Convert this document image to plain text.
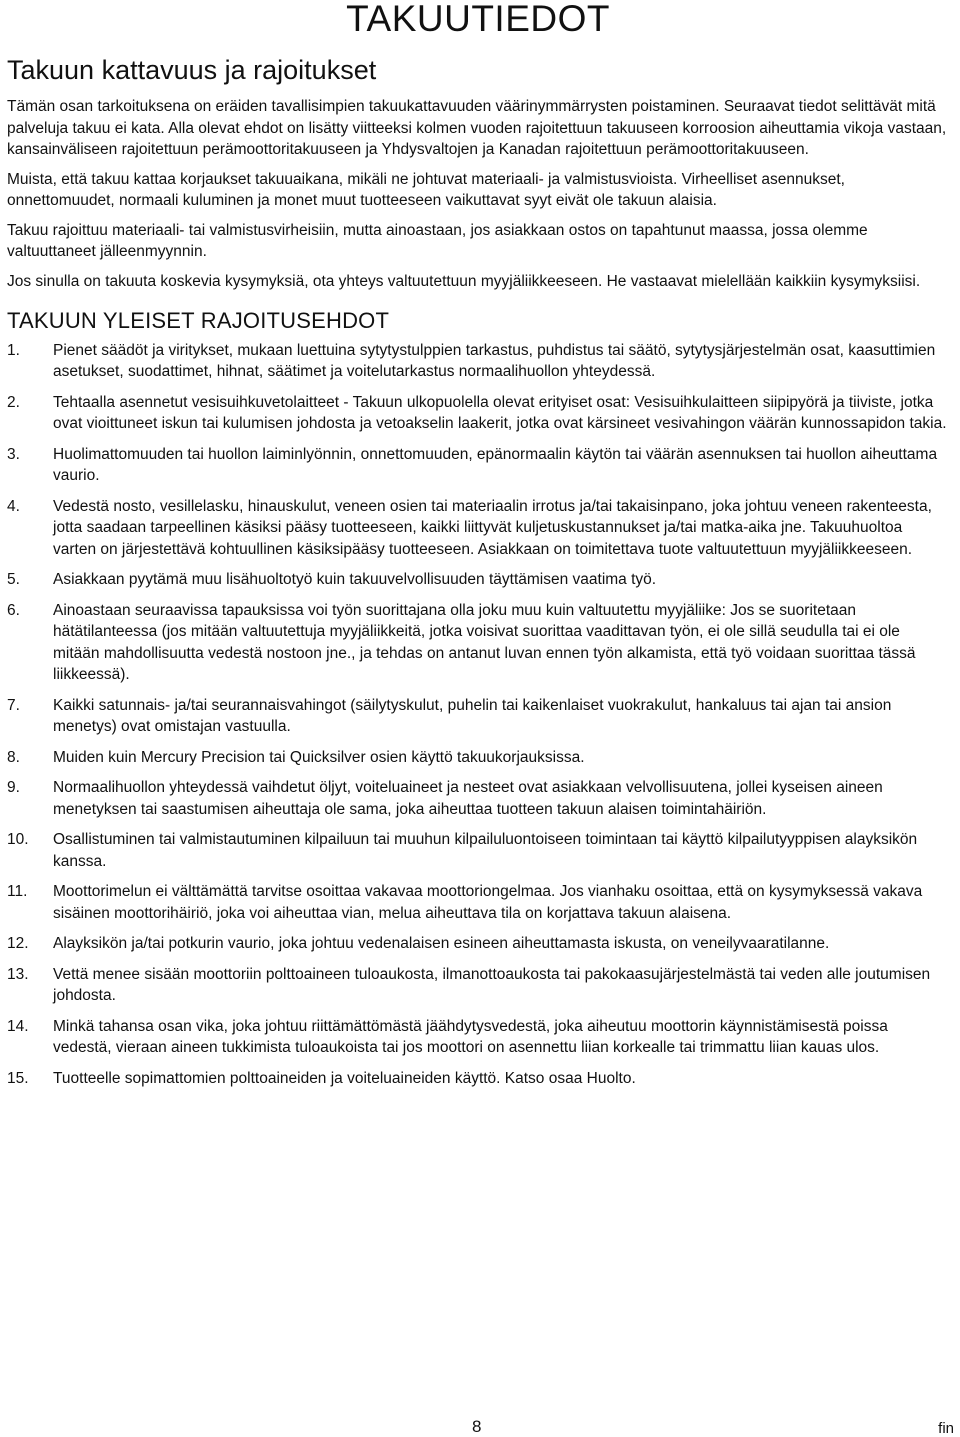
TAKUUTIEDOT
Takuun kattavuus ja rajoitukset

Tämän osan tarkoituksena on eräiden tavallisimpien takuukattavuuden väärinymmärrysten poistaminen. Seuraavat tiedot selittävät mitä palveluja takuu ei kata. Alla olevat ehdot on lisätty viitteeksi kolmen vuoden rajoitettuun takuuseen korroosion aiheuttamia vikoja vastaan, kansainväliseen rajoitettuun perämoottoritakuuseen ja Yhdysvaltojen ja Kanadan rajoitettuun perämoottoritakuuseen.

Muista, että takuu kattaa korjaukset takuuaikana, mikäli ne johtuvat materiaali- ja valmistusvioista. Virheelliset asennukset, onnettomuudet, normaali kuluminen ja monet muut tuotteeseen vaikuttavat syyt eivät ole takuun alaisia.

Takuu rajoittuu materiaali- tai valmistusvirheisiin, mutta ainoastaan, jos asiakkaan ostos on tapahtunut maassa, jossa olemme valtuuttaneet jälleenmyynnin.

Jos sinulla on takuuta koskevia kysymyksiä, ota yhteys valtuutettuun myyjäliikkeeseen. He vastaavat mielellään kaikkiin kysymyksiisi.

TAKUUN YLEISET RAJOITUSEHDOT
1. Pienet säädöt ja viritykset, mukaan luettuina sytytystulppien tarkastus, puhdistus tai säätö, sytytysjärjestelmän osat, kaasuttimien asetukset, suodattimet, hihnat, säätimet ja voitelutarkastus normaalihuollon yhteydessä.
2. Tehtaalla asennetut vesisuihkuvetolaitteet - Takuun ulkopuolella olevat erityiset osat: Vesisuihkulaitteen siipipyörä ja tiiviste, jotka ovat vioittuneet iskun tai kulumisen johdosta ja vetoakselin laakerit, jotka ovat kärsineet vesivahingon väärän kunnossapidon takia.
3. Huolimattomuuden tai huollon laiminlyönnin, onnettomuuden, epänormaalin käytön tai väärän asennuksen tai huollon aiheuttama vaurio.
4. Vedestä nosto, vesillelasku, hinauskulut, veneen osien tai materiaalin irrotus ja/tai takaisinpano, joka johtuu veneen rakenteesta, jotta saadaan tarpeellinen käsiksi pääsy tuotteeseen, kaikki liittyvät kuljetuskustannukset ja/tai matka-aika jne. Takuuhuoltoa varten on järjestettävä kohtuullinen käsiksipääsy tuotteeseen. Asiakkaan on toimitettava tuote valtuutettuun myyjäliikkeeseen.
5. Asiakkaan pyytämä muu lisähuoltotyö kuin takuuvelvollisuuden täyttämisen vaatima työ.
6. Ainoastaan seuraavissa tapauksissa voi työn suorittajana olla joku muu kuin valtuutettu myyjäliike: Jos se suoritetaan hätätilanteessa (jos mitään valtuutettuja myyjäliikkeitä, jotka voisivat suorittaa vaadittavan työn, ei ole sillä seudulla tai ei ole mitään mahdollisuutta vedestä nostoon jne., ja tehdas on antanut luvan ennen työn alkamista, että työ voidaan suorittaa tässä liikkeessä).
7. Kaikki satunnais- ja/tai seurannaisvahingot (säilytyskulut, puhelin tai kaikenlaiset vuokrakulut, hankaluus tai ajan tai ansion menetys) ovat omistajan vastuulla.
8. Muiden kuin Mercury Precision tai Quicksilver osien käyttö takuukorjauksissa.
9. Normaalihuollon yhteydessä vaihdetut öljyt, voiteluaineet ja nesteet ovat asiakkaan velvollisuutena, jollei kyseisen aineen menetyksen tai saastumisen aiheuttaja ole sama, joka aiheuttaa tuotteen takuun alaisen toimintahäiriön.
10. Osallistuminen tai valmistautuminen kilpailuun tai muuhun kilpailuluontoiseen toimintaan tai käyttö kilpailutyyppisen alayksikön kanssa.
11. Moottorimelun ei välttämättä tarvitse osoittaa vakavaa moottoriongelmaa. Jos vianhaku osoittaa, että on kysymyksessä vakava sisäinen moottorihäiriö, joka voi aiheuttaa vian, melua aiheuttava tila on korjattava takuun alaisena.
12. Alayksikön ja/tai potkurin vaurio, joka johtuu vedenalaisen esineen aiheuttamasta iskusta, on veneilyvaaratilanne.
13. Vettä menee sisään moottoriin polttoaineen tuloaukosta, ilmanottoaukosta tai pakokaasujärjestelmästä tai veden alle joutumisen johdosta.
14. Minkä tahansa osan vika, joka johtuu riittämättömästä jäähdytysvedestä, joka aiheutuu moottorin käynnistämisestä poissa vedestä, vieraan aineen tukkimista tuloaukoista tai jos moottori on asennettu liian korkealle tai trimmattu liian kauas ulos.
15. Tuotteelle sopimattomien polttoaineiden ja voiteluaineiden käyttö. Katso osaa Huolto.
8	fin
